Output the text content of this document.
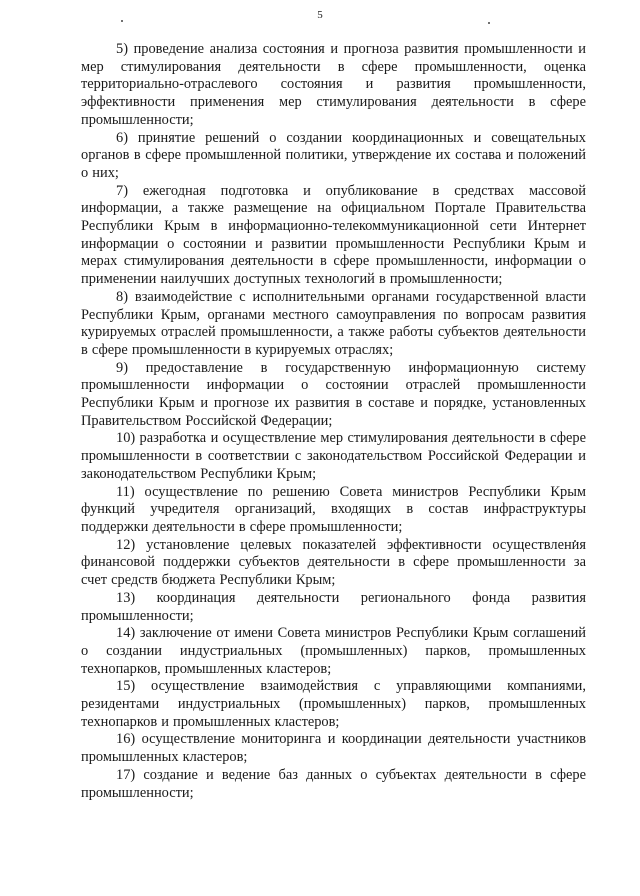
5

5) проведение анализа состояния и прогноза развития промышленности и мер стимулирования деятельности в сфере промышленности, оценка территориально-отраслевого состояния и развития промышленности, эффективности применения мер стимулирования деятельности в сфере промышленности;

6) принятие решений о создании координационных и совещательных органов в сфере промышленной политики, утверждение их состава и положений о них;

7) ежегодная подготовка и опубликование в средствах массовой информации, а также размещение на официальном Портале Правительства Республики Крым в информационно-телекоммуникационной сети Интернет информации о состоянии и развитии промышленности Республики Крым и мерах стимулирования деятельности в сфере промышленности, информации о применении наилучших доступных технологий в промышленности;

8) взаимодействие с исполнительными органами государственной власти Республики Крым, органами местного самоуправления по вопросам развития курируемых отраслей промышленности, а также работы субъектов деятельности в сфере промышленности в курируемых отраслях;

9) предоставление в государственную информационную систему промышленности информации о состоянии отраслей промышленности Республики Крым и прогнозе их развития в составе и порядке, установленных Правительством Российской Федерации;

10) разработка и осуществление мер стимулирования деятельности в сфере промышленности в соответствии с законодательством Российской Федерации и законодательством Республики Крым;

11) осуществление по решению Совета министров Республики Крым функций учредителя организаций, входящих в состав инфраструктуры поддержки деятельности в сфере промышленности;

12) установление целевых показателей эффективности осуществления финансовой поддержки субъектов деятельности в сфере промышленности за счет средств бюджета Республики Крым;

13) координация деятельности регионального фонда развития промышленности;

14) заключение от имени Совета министров Республики Крым соглашений о создании индустриальных (промышленных) парков, промышленных технопарков, промышленных кластеров;

15) осуществление взаимодействия с управляющими компаниями, резидентами индустриальных (промышленных) парков, промышленных технопарков и промышленных кластеров;

16) осуществление мониторинга и координации деятельности участников промышленных кластеров;

17) создание и ведение баз данных о субъектах деятельности в сфере промышленности;
